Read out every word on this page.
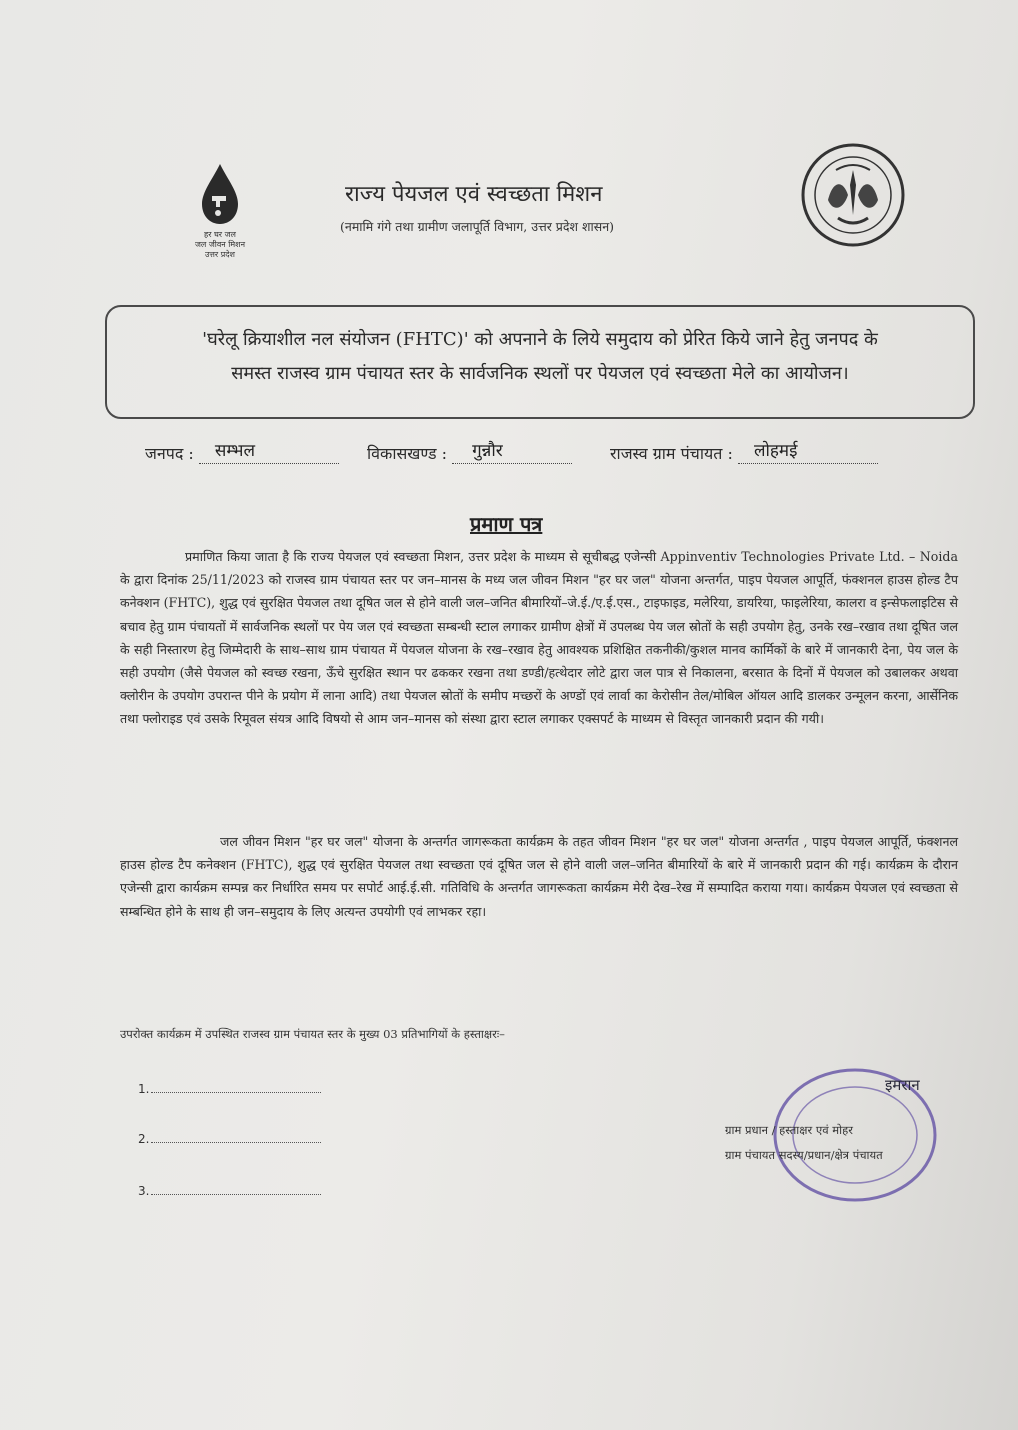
हर घर जल
जल जीवन मिशन
उत्तर प्रदेश
राज्य पेयजल एवं स्वच्छता मिशन
(नमामि गंगे तथा ग्रामीण जलापूर्ति विभाग, उत्तर प्रदेश शासन)

'घरेलू क्रियाशील नल संयोजन (FHTC)' को अपनाने के लिये समुदाय को प्रेरित किये जाने हेतु जनपद के

समस्त राजस्व ग्राम पंचायत स्तर के सार्वजनिक स्थलों पर पेयजल एवं स्वच्छता मेले का आयोजन।

जनपद : सम्भल	विकासखण्ड : गुन्नौर	राजस्व ग्राम पंचायत : लोहमई
प्रमाण पत्र
प्रमाणित किया जाता है कि राज्य पेयजल एवं स्वच्छता मिशन, उत्तर प्रदेश के माध्यम से सूचीबद्ध एजेन्सी Appinventiv Technologies Private Ltd. – Noida के द्वारा दिनांक 25/11/2023 को राजस्व ग्राम पंचायत स्तर पर जन–मानस के मध्य जल जीवन मिशन "हर घर जल" योजना अन्तर्गत, पाइप पेयजल आपूर्ति, फंक्शनल हाउस होल्ड टैप कनेक्शन (FHTC), शुद्ध एवं सुरक्षित पेयजल तथा दूषित जल से होने वाली जल–जनित बीमारियों–जे.ई./ए.ई.एस., टाइफाइड, मलेरिया, डायरिया, फाइलेरिया, कालरा व इन्सेफलाइटिस से बचाव हेतु ग्राम पंचायतों में सार्वजनिक स्थलों पर पेय जल एवं स्वच्छता सम्बन्धी स्टाल लगाकर ग्रामीण क्षेत्रों में उपलब्ध पेय जल स्रोतों के सही उपयोग हेतु, उनके रख–रखाव तथा दूषित जल के सही निस्तारण हेतु जिम्मेदारी के साथ–साथ ग्राम पंचायत में पेयजल योजना के रख–रखाव हेतु आवश्यक प्रशिक्षित तकनीकी/कुशल मानव कार्मिकों के बारे में जानकारी देना, पेय जल के सही उपयोग (जैसे पेयजल को स्वच्छ रखना, ऊँचे सुरक्षित स्थान पर ढककर रखना तथा डण्डी/हत्थेदार लोटे द्वारा जल पात्र से निकालना, बरसात के दिनों में पेयजल को उबालकर अथवा क्लोरीन के उपयोग उपरान्त पीने के प्रयोग में लाना आदि) तथा पेयजल स्रोतों के समीप मच्छरों के अण्डों एवं लार्वा का केरोसीन तेल/मोबिल ऑयल आदि डालकर उन्मूलन करना, आर्सेनिक तथा फ्लोराइड एवं उसके रिमूवल संयत्र आदि विषयो से आम जन–मानस को संस्था द्वारा स्टाल लगाकर एक्सपर्ट के माध्यम से विस्तृत जानकारी प्रदान की गयी।
जल जीवन मिशन "हर घर जल" योजना के अन्तर्गत जागरूकता कार्यक्रम के तहत जीवन मिशन "हर घर जल" योजना अन्तर्गत , पाइप पेयजल आपूर्ति, फंक्शनल हाउस होल्ड टैप कनेक्शन (FHTC), शुद्ध एवं सुरक्षित पेयजल तथा स्वच्छता एवं दूषित जल से होने वाली जल–जनित बीमारियों के बारे में जानकारी प्रदान की गई। कार्यक्रम के दौरान एजेन्सी द्वारा कार्यक्रम सम्पन्न कर निर्धारित समय पर सपोर्ट आई.ई.सी. गतिविधि के अन्तर्गत जागरूकता कार्यक्रम मेरी देख–रेख में सम्पादित कराया गया। कार्यक्रम पेयजल एवं स्वच्छता से सम्बन्धित होने के साथ ही जन–समुदाय के लिए अत्यन्त उपयोगी एवं लाभकर रहा।
उपरोक्त कार्यक्रम में उपस्थित राजस्व ग्राम पंचायत स्तर के मुख्य 03 प्रतिभागियों के हस्ताक्षरः–
1.
2.
3.
ग्राम प्रधान / हस्ताक्षर एवं मोहर
ग्राम पंचायत सदस्य/प्रधान/क्षेत्र पंचायत
इमरान
